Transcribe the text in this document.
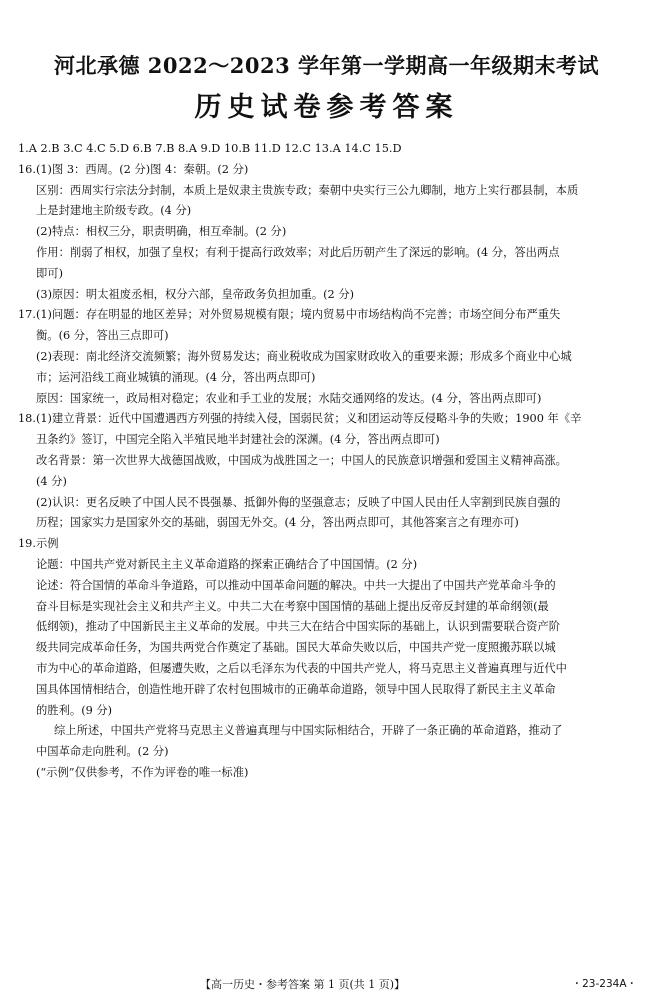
河北承德 2022～2023 学年第一学期高一年级期末考试
历史试卷参考答案
1.A 2.B 3.C 4.C 5.D 6.B 7.B 8.A 9.D 10.B 11.D 12.C 13.A 14.C 15.D
16.(1)图 3：西周。(2 分)图 4：秦朝。(2 分)
区别：西周实行宗法分封制，本质上是奴隶主贵族专政；秦朝中央实行三公九卿制，地方上实行郡县制，本质
上是封建地主阶级专政。(4 分)
(2)特点：相权三分，职责明确，相互牵制。(2 分)
作用：削弱了相权，加强了皇权；有利于提高行政效率；对此后历朝产生了深远的影响。(4 分，答出两点
即可)
(3)原因：明太祖废丞相，权分六部，皇帝政务负担加重。(2 分)
17.(1)问题：存在明显的地区差异；对外贸易规模有限；境内贸易中市场结构尚不完善；市场空间分布严重失
衡。(6 分，答出三点即可)
(2)表现：南北经济交流频繁；海外贸易发达；商业税收成为国家财政收入的重要来源；形成多个商业中心城
市；运河沿线工商业城镇的涌现。(4 分，答出两点即可)
原因：国家统一，政局相对稳定；农业和手工业的发展；水陆交通网络的发达。(4 分，答出两点即可)
18.(1)建立背景：近代中国遭遇西方列强的持续入侵，国弱民贫；义和团运动等反侵略斗争的失败；1900 年《辛
丑条约》签订，中国完全陷入半殖民地半封建社会的深渊。(4 分，答出两点即可)
改名背景：第一次世界大战德国战败，中国成为战胜国之一；中国人的民族意识增强和爱国主义精神高涨。
(4 分)
(2)认识：更名反映了中国人民不畏强暴、抵御外侮的坚强意志；反映了中国人民由任人宰割到民族自强的
历程；国家实力是国家外交的基础，弱国无外交。(4 分，答出两点即可，其他答案言之有理亦可)
19.示例
论题：中国共产党对新民主主义革命道路的探索正确结合了中国国情。(2 分)
论述：符合国情的革命斗争道路，可以推动中国革命问题的解决。中共一大提出了中国共产党革命斗争的
奋斗目标是实现社会主义和共产主义。中共二大在考察中国国情的基础上提出反帝反封建的革命纲领(最
低纲领)，推动了中国新民主主义革命的发展。中共三大在结合中国实际的基础上，认识到需要联合资产阶
级共同完成革命任务，为国共两党合作奠定了基础。国民大革命失败以后，中国共产党一度照搬苏联以城
市为中心的革命道路，但屡遭失败，之后以毛泽东为代表的中国共产党人，将马克思主义普遍真理与近代中
国具体国情相结合，创造性地开辟了农村包围城市的正确革命道路，领导中国人民取得了新民主主义革命
的胜利。(9 分)
综上所述，中国共产党将马克思主义普遍真理与中国实际相结合，开辟了一条正确的革命道路，推动了
中国革命走向胜利。(2 分)
(“示例”仅供参考，不作为评卷的唯一标准)
【高一历史・参考答案 第 1 页(共 1 页)】	・23-234A・
